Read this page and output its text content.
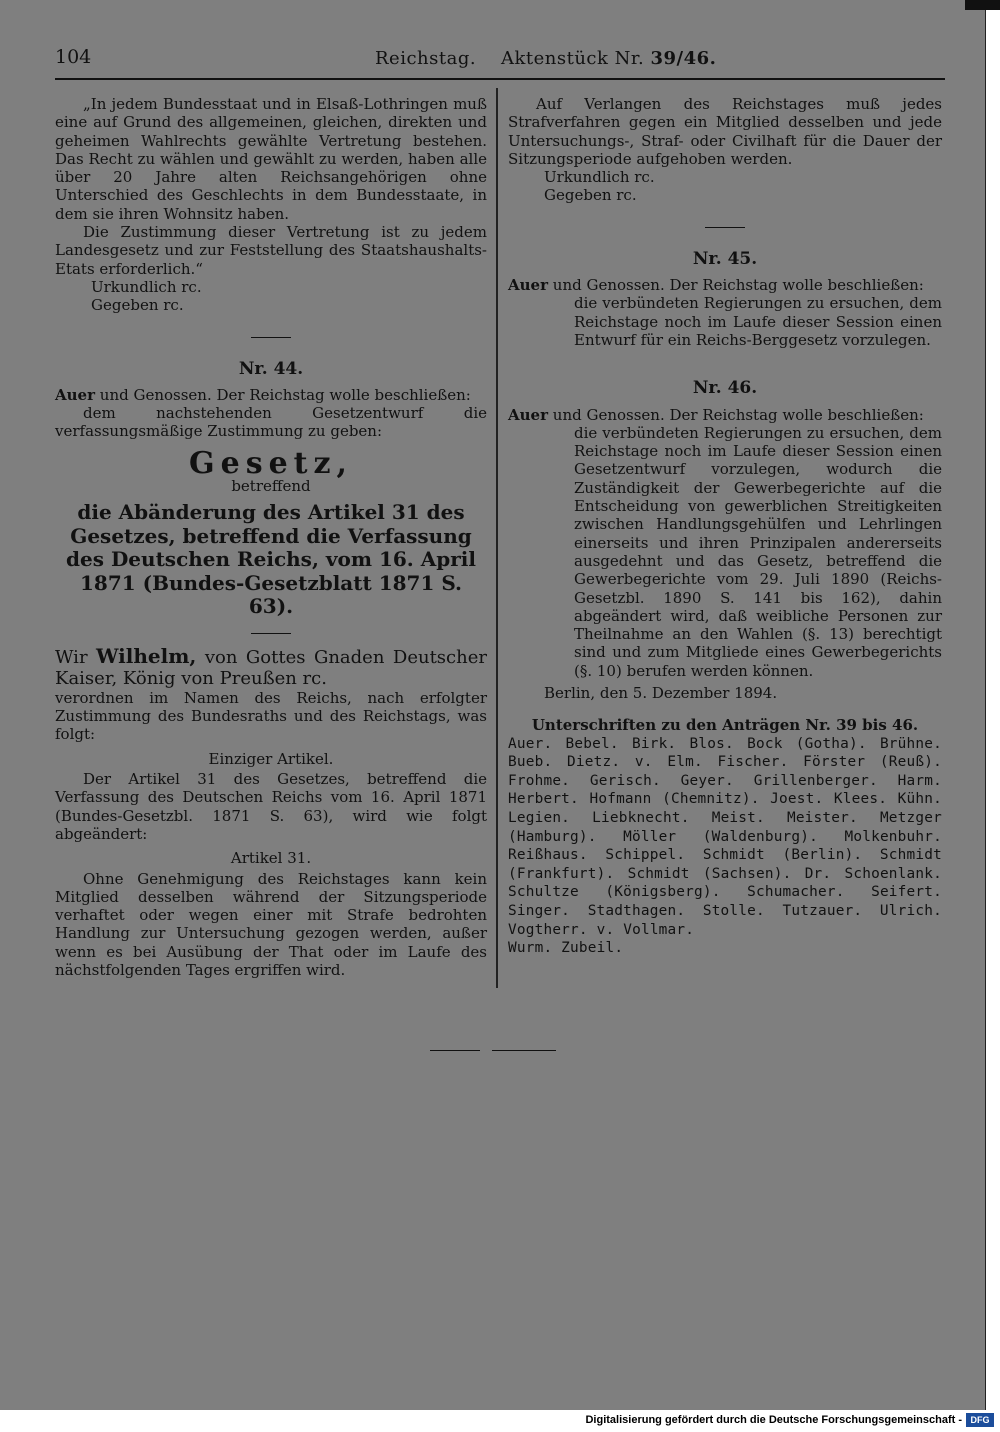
104	Reichstag. Aktenstück Nr. 39/46.
„In jedem Bundesstaat und in Elsaß-Lothringen muß eine auf Grund des allgemeinen, gleichen, direkten und geheimen Wahlrechts gewählte Vertretung bestehen. Das Recht zu wählen und gewählt zu werden, haben alle über 20 Jahre alten Reichsangehörigen ohne Unterschied des Geschlechts in dem Bundesstaate, in dem sie ihren Wohnsitz haben.
Die Zustimmung dieser Vertretung ist zu jedem Landesgesetz und zur Feststellung des Staatshaushalts-Etats erforderlich.“
Urkundlich rc.
Gegeben rc.
Nr. 44.
Auer und Genossen. Der Reichstag wolle beschließen:
dem nachstehenden Gesetzentwurf die verfassungsmäßige Zustimmung zu geben:
Gesetz,
betreffend
die Abänderung des Artikel 31 des Gesetzes, betreffend die Verfassung des Deutschen Reichs, vom 16. April 1871 (Bundes-Gesetzblatt 1871 S. 63).
Wir Wilhelm, von Gottes Gnaden Deutscher Kaiser, König von Preußen rc.
verordnen im Namen des Reichs, nach erfolgter Zustimmung des Bundesraths und des Reichstags, was folgt:
Einziger Artikel.
Der Artikel 31 des Gesetzes, betreffend die Verfassung des Deutschen Reichs vom 16. April 1871 (Bundes-Gesetzbl. 1871 S. 63), wird wie folgt abgeändert:
Artikel 31.
Ohne Genehmigung des Reichstages kann kein Mitglied desselben während der Sitzungsperiode verhaftet oder wegen einer mit Strafe bedrohten Handlung zur Untersuchung gezogen werden, außer wenn es bei Ausübung der That oder im Laufe des nächstfolgenden Tages ergriffen wird.
Auf Verlangen des Reichstages muß jedes Strafverfahren gegen ein Mitglied desselben und jede Untersuchungs-, Straf- oder Civilhaft für die Dauer der Sitzungsperiode aufgehoben werden.
Urkundlich rc.
Gegeben rc.
Nr. 45.
Auer und Genossen. Der Reichstag wolle beschließen:
die verbündeten Regierungen zu ersuchen, dem Reichstage noch im Laufe dieser Session einen Entwurf für ein Reichs-Berggesetz vorzulegen.
Nr. 46.
Auer und Genossen. Der Reichstag wolle beschließen:
die verbündeten Regierungen zu ersuchen, dem Reichstage noch im Laufe dieser Session einen Gesetzentwurf vorzulegen, wodurch die Zuständigkeit der Gewerbegerichte auf die Entscheidung von gewerblichen Streitigkeiten zwischen Handlungsgehülfen und Lehrlingen einerseits und ihren Prinzipalen andererseits ausgedehnt und das Gesetz, betreffend die Gewerbegerichte vom 29. Juli 1890 (Reichs-Gesetzbl. 1890 S. 141 bis 162), dahin abgeändert wird, daß weibliche Personen zur Theilnahme an den Wahlen (§. 13) berechtigt sind und zum Mitgliede eines Gewerbegerichts (§. 10) berufen werden können.
Berlin, den 5. Dezember 1894.
Unterschriften zu den Anträgen Nr. 39 bis 46.
Auer. Bebel. Birk. Blos. Bock (Gotha). Brühne. Bueb. Dietz. v. Elm. Fischer. Förster (Reuß). Frohme. Gerisch. Geyer. Grillenberger. Harm. Herbert. Hofmann (Chemnitz). Joest. Klees. Kühn. Legien. Liebknecht. Meist. Meister. Metzger (Hamburg). Möller (Waldenburg). Molkenbuhr. Reißhaus. Schippel. Schmidt (Berlin). Schmidt (Frankfurt). Schmidt (Sachsen). Dr. Schoenlank. Schultze (Königsberg). Schumacher. Seifert. Singer. Stadthagen. Stolle. Tutzauer. Ulrich. Vogtherr. v. Vollmar.
Wurm. Zubeil.
Digitalisierung gefördert durch die Deutsche Forschungsgemeinschaft - DFG
